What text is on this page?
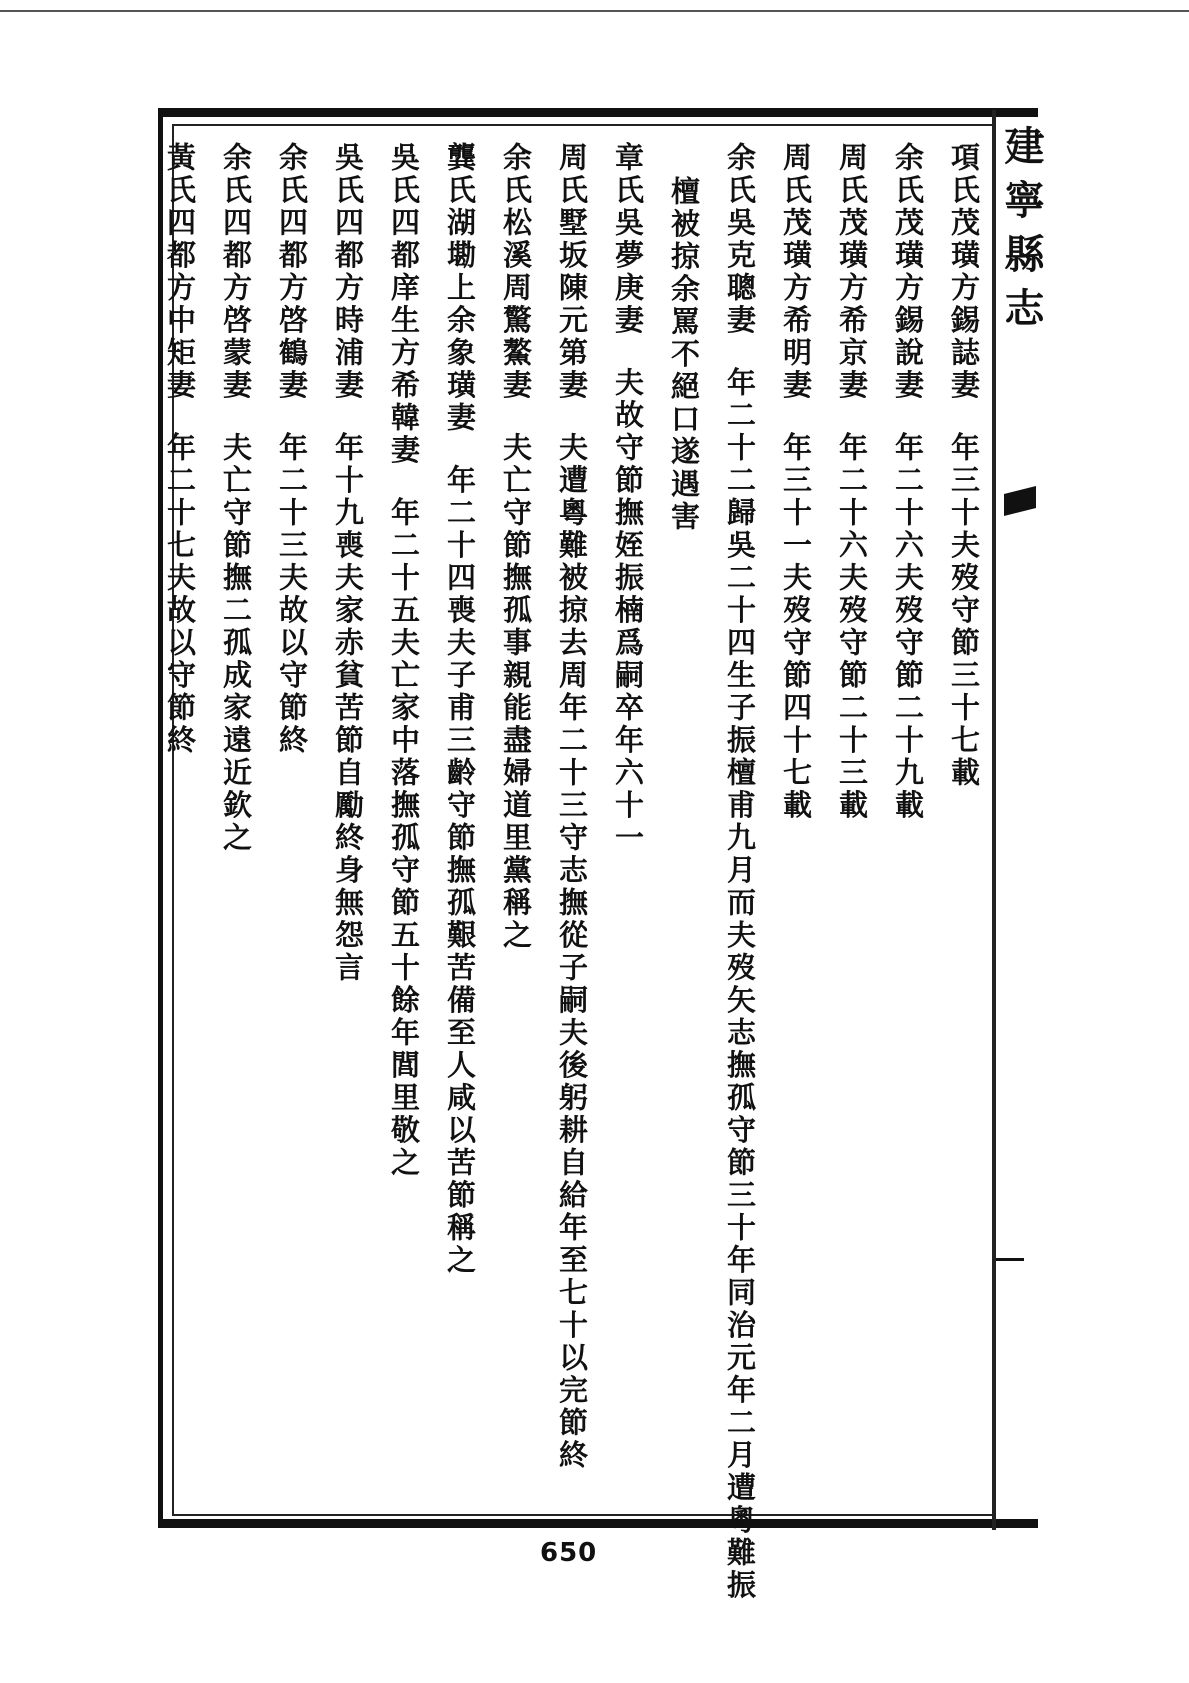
建寧縣志
項氏茂璜方錫誌妻年三十夫歿守節三十七載
余氏茂璜方錫說妻年二十六夫歿守節二十九載
周氏茂璜方希京妻年二十六夫歿守節二十三載
周氏茂璜方希明妻年三十一夫歿守節四十七載
余氏吳克聰妻年二十二歸吳二十四生子振檀甫九月而夫歿矢志撫孤守節三十年同治元年二月遭粵難振
檀被掠余罵不絕口遂遇害
章氏吳夢庚妻夫故守節撫姪振楠爲嗣卒年六十一
周氏墅坂陳元第妻夫遭粵難被掠去周年二十三守志撫從子嗣夫後躬耕自給年至七十以完節終
余氏松溪周驚鰲妻夫亡守節撫孤事親能盡婦道里黨稱之
龔氏湖墈上余象璜妻年二十四喪夫子甫三齡守節撫孤艱苦備至人咸以苦節稱之
吳氏四都庠生方希韓妻年二十五夫亡家中落撫孤守節五十餘年閭里敬之
吳氏四都方時浦妻年十九喪夫家赤貧苦節自勵終身無怨言
余氏四都方啓鶴妻年二十三夫故以守節終
余氏四都方啓蒙妻夫亡守節撫二孤成家遠近欽之
黃氏四都方中矩妻年二十七夫故以守節終
650
